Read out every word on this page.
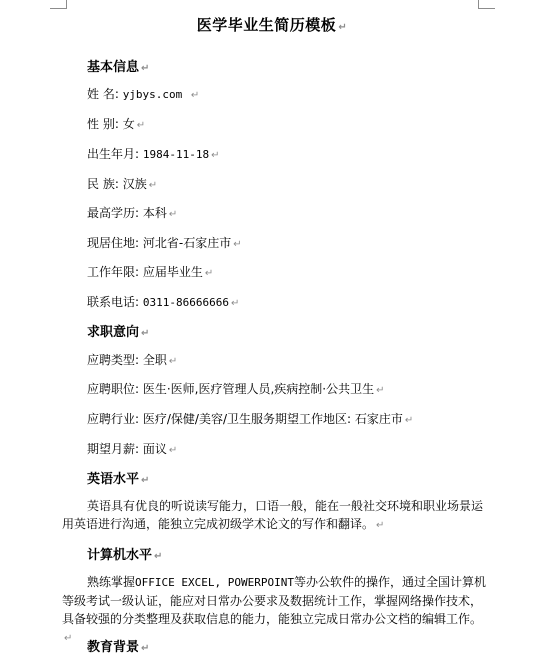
医学毕业生简历模板 ↵
基本信息 ↵
姓 名: yjbys.com ↵
性 别: 女 ↵
出生年月: 1984-11-18 ↵
民 族: 汉族 ↵
最高学历: 本科 ↵
现居住地: 河北省-石家庄市 ↵
工作年限: 应届毕业生 ↵
联系电话: 0311-86666666 ↵
求职意向 ↵
应聘类型: 全职 ↵
应聘职位: 医生·医师,医疗管理人员,疾病控制·公共卫生 ↵
应聘行业: 医疗/保健/美容/卫生服务期望工作地区: 石家庄市 ↵
期望月薪: 面议 ↵
英语水平 ↵
英语具有优良的听说读写能力，口语一般，能在一般社交环境和职业场景运用英语进行沟通，能独立完成初级学术论文的写作和翻译。 ↵
计算机水平 ↵
熟练掌握OFFICE EXCEL, POWERPOINT等办公软件的操作，通过全国计算机等级考试一级认证，能应对日常办公要求及数据统计工作，掌握网络操作技术，具备较强的分类整理及获取信息的能力，能独立完成日常办公文档的编辑工作。↵
教育背景 ↵
